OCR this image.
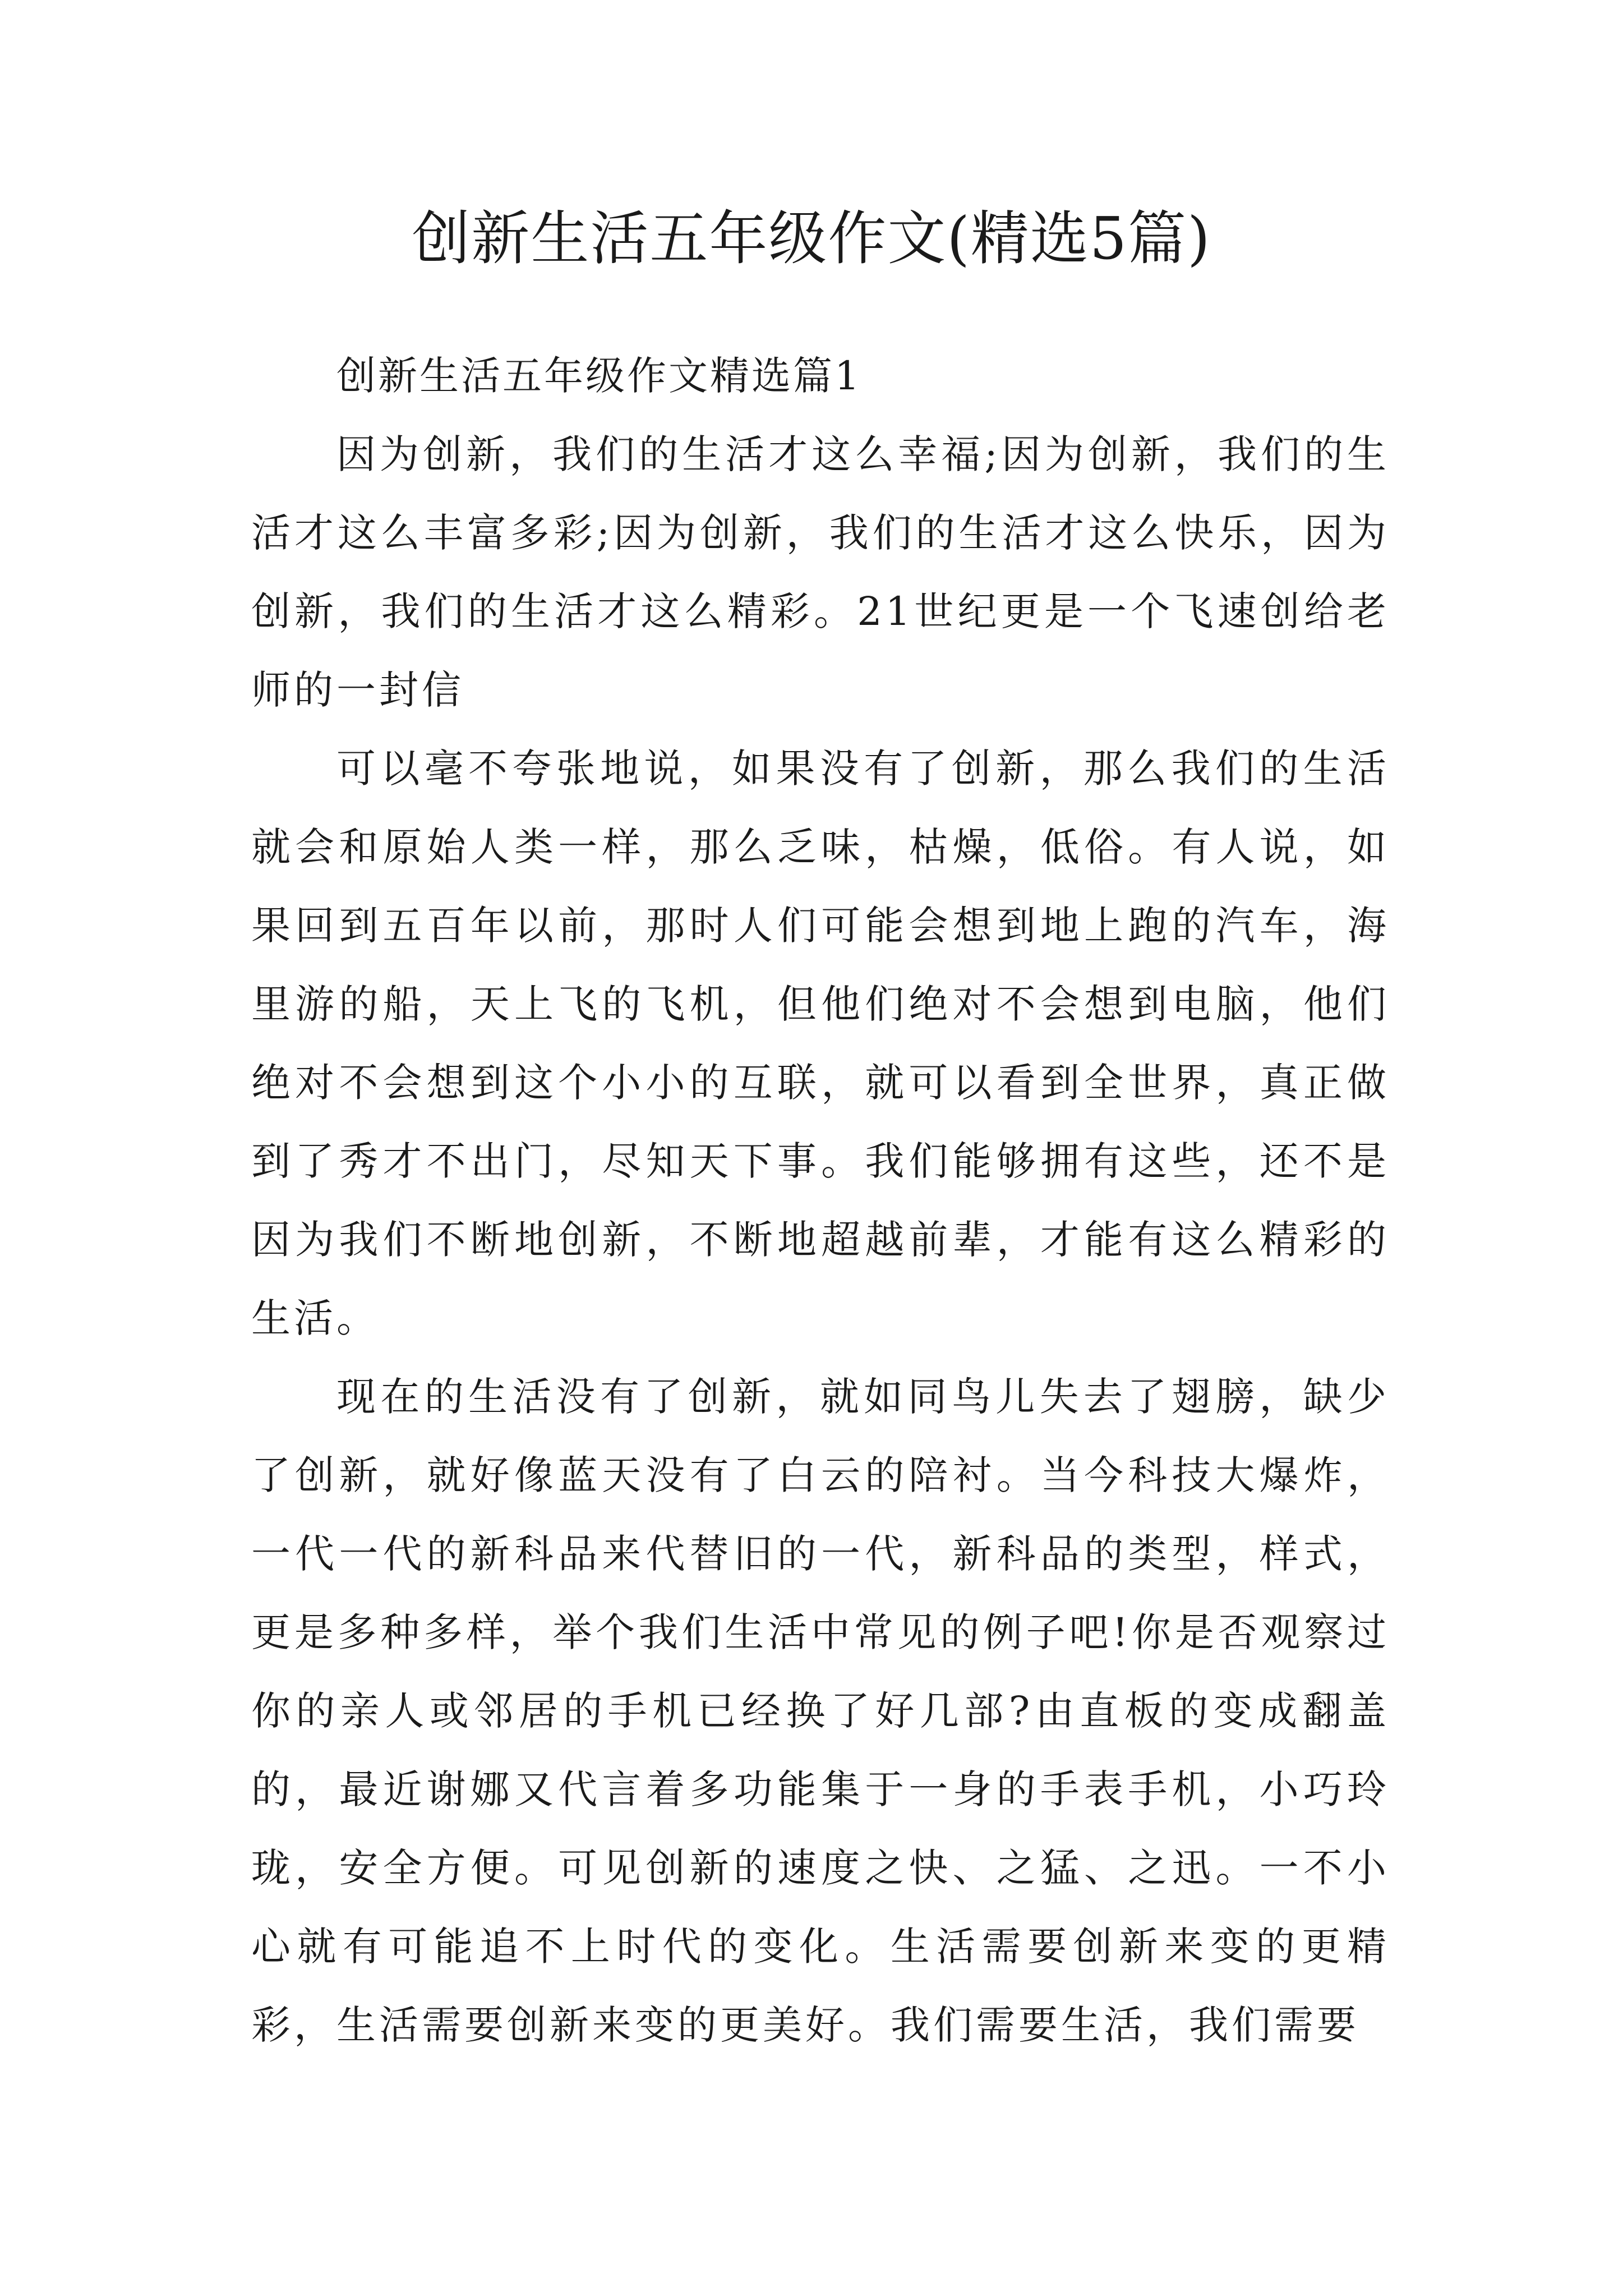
创新生活五年级作文(精选5篇)

创新生活五年级作文精选篇1

因为创新，我们的生活才这么幸福;因为创新，我们的生活才这么丰富多彩;因为创新，我们的生活才这么快乐，因为创新，我们的生活才这么精彩。21世纪更是一个飞速创给老师的一封信

可以毫不夸张地说，如果没有了创新，那么我们的生活就会和原始人类一样，那么乏味，枯燥，低俗。有人说，如果回到五百年以前，那时人们可能会想到地上跑的汽车，海里游的船，天上飞的飞机，但他们绝对不会想到电脑，他们绝对不会想到这个小小的互联，就可以看到全世界，真正做到了秀才不出门，尽知天下事。我们能够拥有这些，还不是因为我们不断地创新，不断地超越前辈，才能有这么精彩的生活。

现在的生活没有了创新，就如同鸟儿失去了翅膀，缺少了创新，就好像蓝天没有了白云的陪衬。当今科技大爆炸，一代一代的新科品来代替旧的一代，新科品的类型，样式，更是多种多样，举个我们生活中常见的例子吧!你是否观察过你的亲人或邻居的手机已经换了好几部?由直板的变成翻盖的，最近谢娜又代言着多功能集于一身的手表手机，小巧玲珑，安全方便。可见创新的速度之快、之猛、之迅。一不小心就有可能追不上时代的变化。生活需要创新来变的更精彩，生活需要创新来变的更美好。我们需要生活，我们需要
